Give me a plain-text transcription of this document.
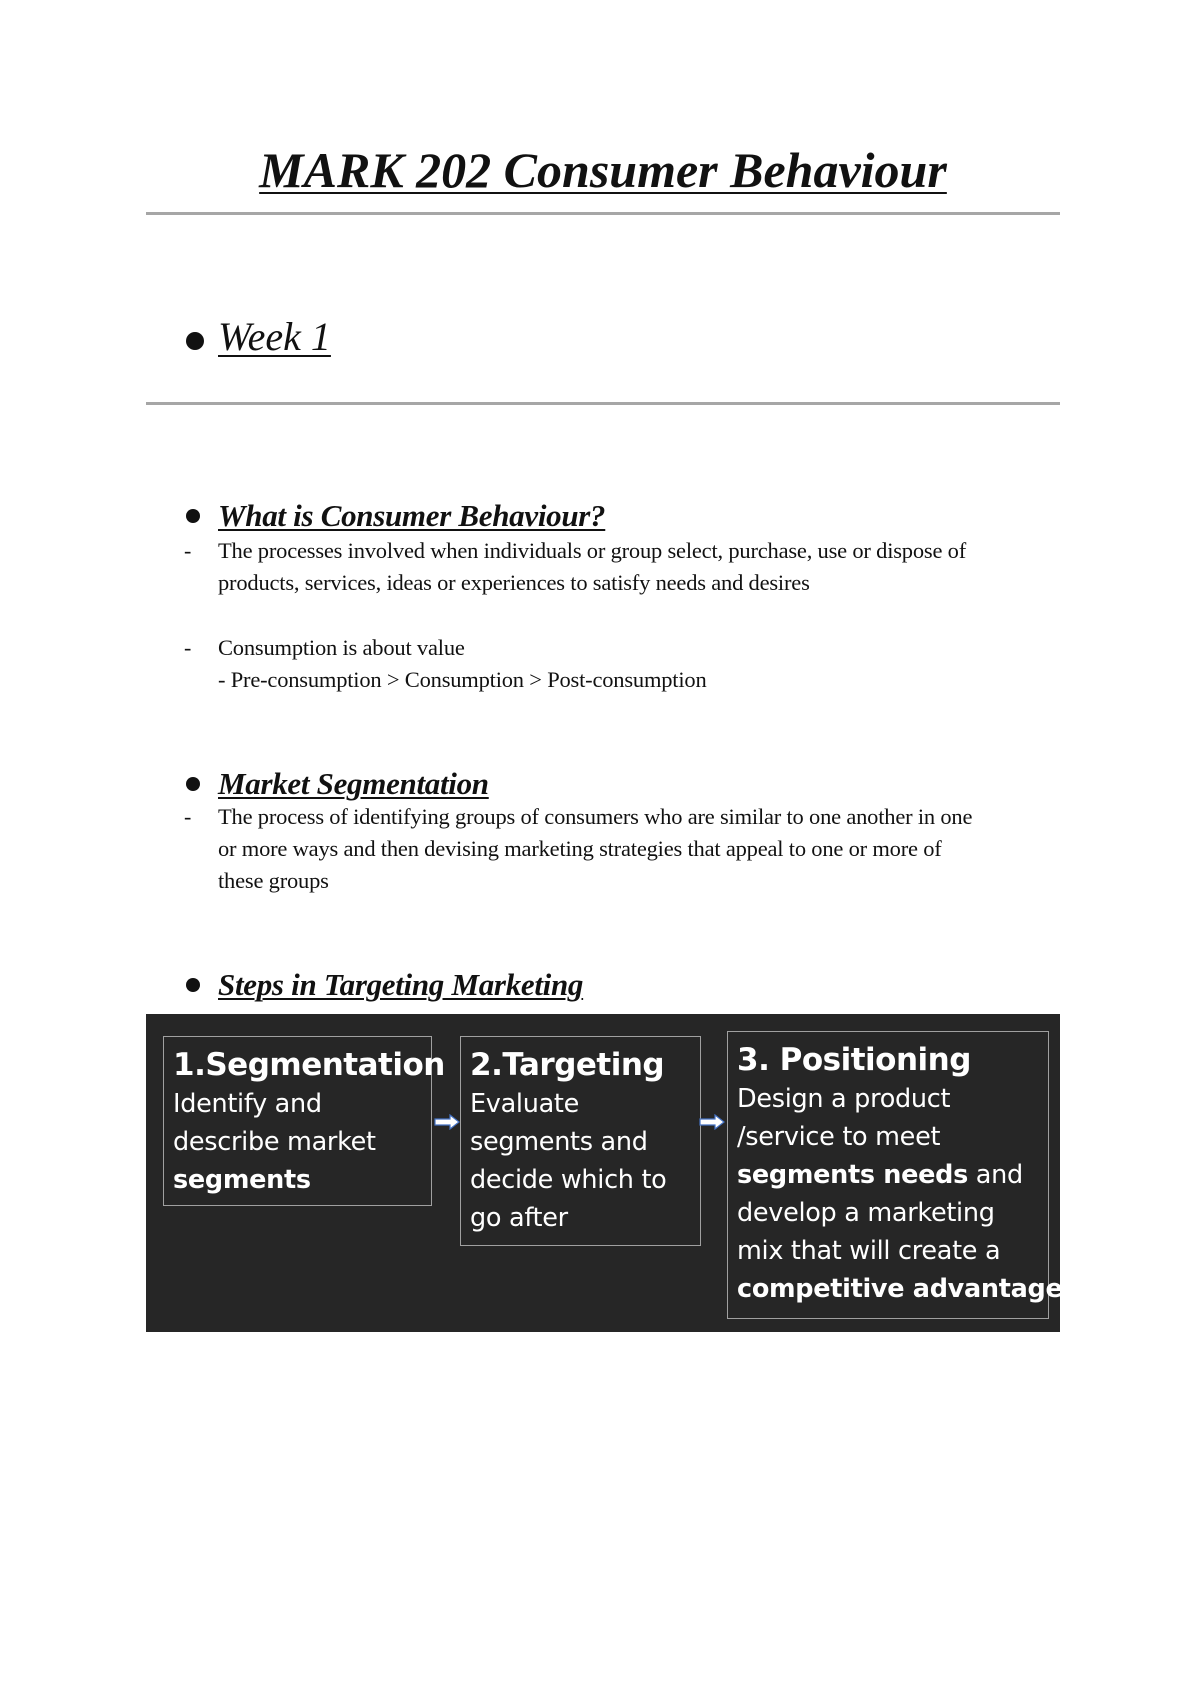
MARK 202 Consumer Behaviour
Week 1
What is Consumer Behaviour?
- The processes involved when individuals or group select, purchase, use or dispose of
products, services, ideas or experiences to satisfy needs and desires

- Consumption is about value
- Pre-consumption > Consumption > Post-consumption

Market Segmentation
- The process of identifying groups of consumers who are similar to one another in one
or more ways and then devising marketing strategies that appeal to one or more of
these groups

Steps in Targeting Marketing
1.Segmentation
Identify and
describe market
segments
2.Targeting
Evaluate
segments and
decide which to
go after
3. Positioning
Design a product
/service to meet
segments needs and
develop a marketing
mix that will create a
competitive advantage
